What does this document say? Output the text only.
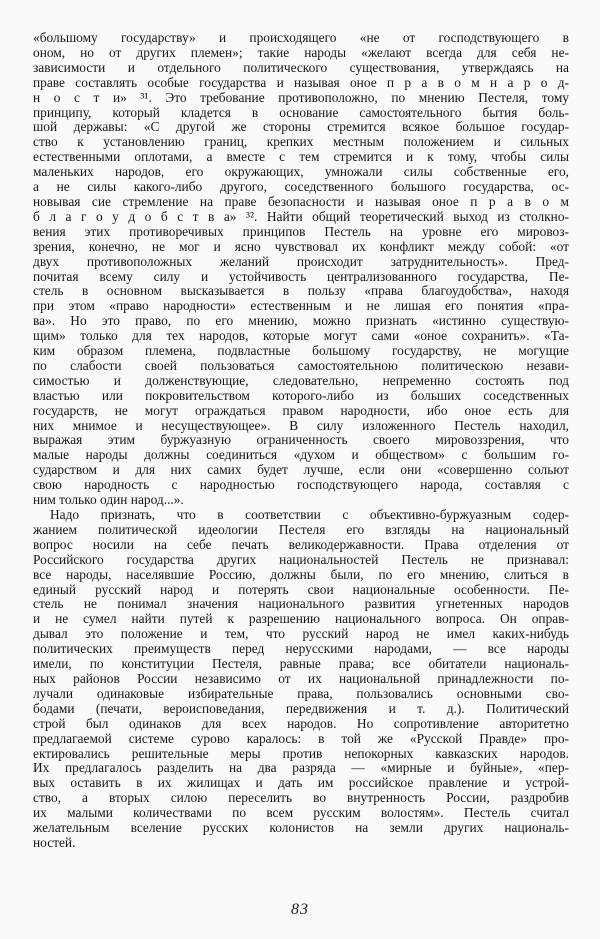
«большому государству» и происходящего «не от господствующего в
оном, но от других племен»; такие народы «желают всегда для себя не-
зависимости и отдельного политического существования, утверждаясь на
праве составлять особые государства и называя оное п р а в о м н а р о д-
н о с т и» ³¹. Это требование противоположно, по мнению Пестеля, тому
принципу, который кладется в основание самостоятельного бытия боль-
шой державы: «С другой же стороны стремится всякое большое государ-
ство к установлению границ, крепких местным положением и сильных
естественными оплотами, а вместе с тем стремится и к тому, чтобы силы
маленьких народов, его окружающих, умножали силы собственные его,
а не силы какого-либо другого, соседственного большого государства, ос-
новывая сие стремление на праве безопасности и называя оное п р а в о м
б л а г о у д о б с т в а» ³². Найти общий теоретический выход из столкно-
вения этих противоречивых принципов Пестель на уровне его мировоз-
зрения, конечно, не мог и ясно чувствовал их конфликт между собой: «от
двух противоположных желаний происходит затруднительность». Пред-
почитая всему силу и устойчивость централизованного государства, Пе-
стель в основном высказывается в пользу «права благоудобства», находя
при этом «право народности» естественным и не лишая его понятия «пра-
ва». Но это право, по его мнению, можно признать «истинно существую-
щим» только для тех народов, которые могут сами «оное сохранить». «Та-
ким образом племена, подвластные большому государству, не могущие
по слабости своей пользоваться самостоятельною политическою незави-
симостью и долженствующие, следовательно, непременно состоять под
властью или покровительством которого-либо из больших соседственных
государств, не могут ограждаться правом народности, ибо оное есть для
них мнимое и несуществующее». В силу изложенного Пестель находил,
выражая этим буржуазную ограниченность своего мировоззрения, что
малые народы должны соединиться «духом и обществом» с большим го-
сударством и для них самих будет лучше, если они «совершенно сольют
свою народность с народностью господствующего народа, составляя с
ним только один народ...».
Надо признать, что в соответствии с объективно-буржуазным содер-
жанием политической идеологии Пестеля его взгляды на национальный
вопрос носили на себе печать великодержавности. Права отделения от
Российского государства других национальностей Пестель не признавал:
все народы, населявшие Россию, должны были, по его мнению, слиться в
единый русский народ и потерять свои национальные особенности. Пе-
стель не понимал значения национального развития угнетенных народов
и не сумел найти путей к разрешению национального вопроса. Он оправ-
дывал это положение и тем, что русский народ не имел каких-нибудь
политических преимуществ перед нерусскими народами, — все народы
имели, по конституции Пестеля, равные права; все обитатели националь-
ных районов России независимо от их национальной принадлежности по-
лучали одинаковые избирательные права, пользовались основными сво-
бодами (печати, вероисповедания, передвижения и т. д.). Политический
строй был одинаков для всех народов. Но сопротивление авторитетно
предлагаемой системе сурово каралось: в той же «Русской Правде» про-
ектировались решительные меры против непокорных кавказских народов.
Их предлагалось разделить на два разряда — «мирные и буйные», «пер-
вых оставить в их жилищах и дать им российское правление и устрой-
ство, а вторых силою переселить во внутренность России, раздробив
их малыми количествами по всем русским волостям». Пестель считал
желательным вселение русских колонистов на земли других националь-
ностей.
83
